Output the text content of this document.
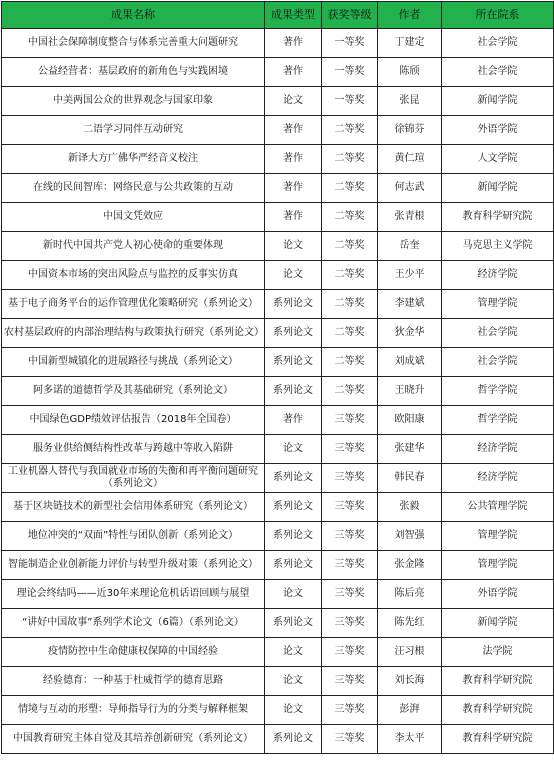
成果名称	成果类型	获奖等级	作者	所在院系
中国社会保障制度整合与体系完善重大问题研究	著作	一等奖	丁建定	社会学院
公益经营者：基层政府的新角色与实践困境	著作	一等奖	陈颀	社会学院
中美两国公众的世界观念与国家印象	论文	一等奖	张昆	新闻学院
二语学习同伴互动研究	著作	二等奖	徐锦芬	外语学院
新译大方广佛华严经音义校注	著作	二等奖	黄仁瑄	人文学院
在线的民间智库：网络民意与公共政策的互动	著作	二等奖	何志武	新闻学院
中国文凭效应	著作	二等奖	张青根	教育科学研究院
新时代中国共产党人初心使命的重要体现	论文	二等奖	岳奎	马克思主义学院
中国资本市场的突出风险点与监控的反事实仿真	论文	二等奖	王少平	经济学院
基于电子商务平台的运作管理优化策略研究（系列论文）	系列论文	二等奖	李建斌	管理学院
农村基层政府的内部治理结构与政策执行研究（系列论文）	系列论文	二等奖	狄金华	社会学院
中国新型城镇化的进展路径与挑战（系列论文）	系列论文	二等奖	刘成斌	社会学院
阿多诺的道德哲学及其基础研究（系列论文）	系列论文	二等奖	王晓升	哲学学院
中国绿色GDP绩效评估报告（2018年全国卷）	著作	三等奖	欧阳康	哲学学院
服务业供给侧结构性改革与跨越中等收入陷阱	论文	三等奖	张建华	经济学院
工业机器人替代与我国就业市场的失衡和再平衡问题研究（系列论文）	系列论文	三等奖	韩民春	经济学院
基于区块链技术的新型社会信用体系研究（系列论文）	系列论文	三等奖	张毅	公共管理学院
地位冲突的“双面”特性与团队创新（系列论文）	系列论文	三等奖	刘智强	管理学院
智能制造企业创新能力评价与转型升级对策（系列论文）	系列论文	三等奖	张金隆	管理学院
理论会终结吗——近30年来理论危机话语回顾与展望	论文	三等奖	陈后亮	外语学院
“讲好中国故事”系列学术论文（6篇）（系列论文）	系列论文	三等奖	陈先红	新闻学院
疫情防控中生命健康权保障的中国经验	论文	三等奖	汪习根	法学院
经验德育：一种基于杜威哲学的德育思路	论文	三等奖	刘长海	教育科学研究院
情境与互动的形塑：导师指导行为的分类与解释框架	论文	三等奖	彭湃	教育科学研究院
中国教育研究主体自觉及其培养创新研究（系列论文）	系列论文	三等奖	李太平	教育科学研究院
